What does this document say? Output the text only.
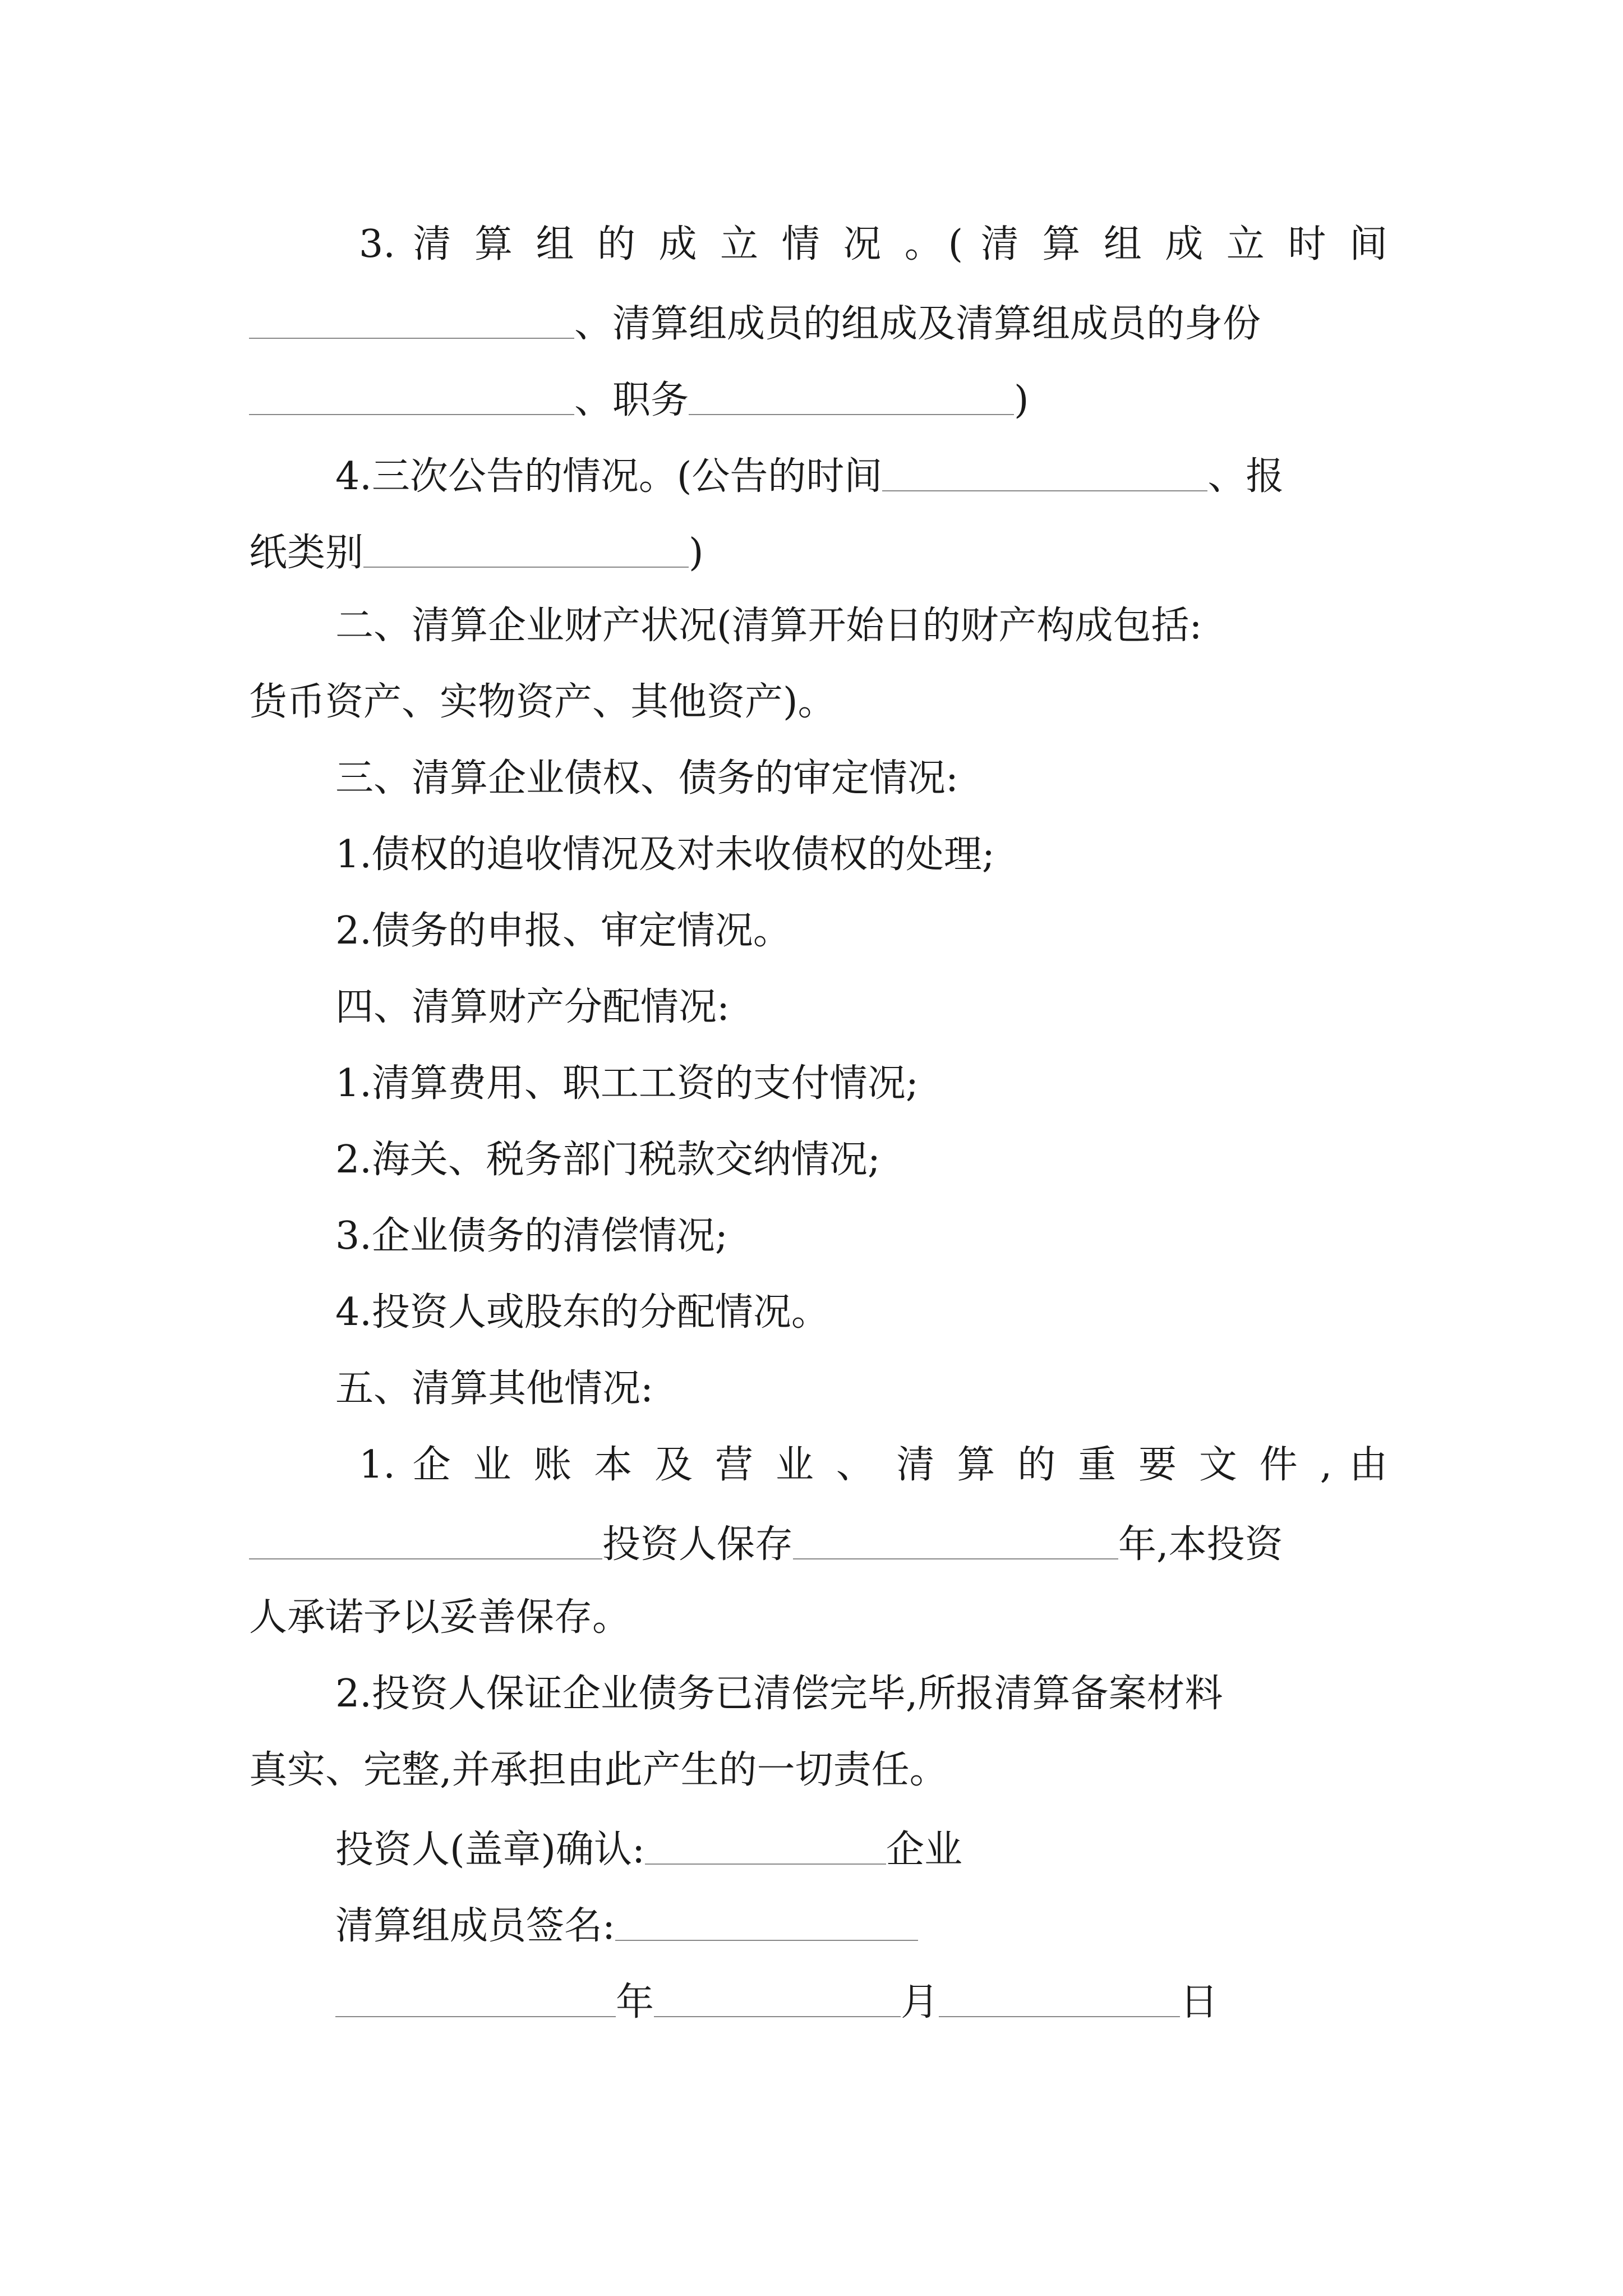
3. 清 算 组 的 成 立 情 况 。( 清 算 组 成 立 时 间
、清算组成员的组成及清算组成员的身份
、职务	)
4.三次公告的情况。(公告的时间	、报
纸类别	)
二、清算企业财产状况(清算开始日的财产构成包括:
货币资产、实物资产、其他资产)。
三、清算企业债权、债务的审定情况:
1.债权的追收情况及对未收债权的处理;
2.债务的申报、审定情况。
四、清算财产分配情况:
1.清算费用、职工工资的支付情况;
2.海关、税务部门税款交纳情况;
3.企业债务的清偿情况;
4.投资人或股东的分配情况。
五、清算其他情况:
1. 企 业 账 本 及 营 业 、 清 算 的 重 要 文 件 , 由
投资人保存	年,本投资
人承诺予以妥善保存。
2.投资人保证企业债务已清偿完毕,所报清算备案材料
真实、完整,并承担由此产生的一切责任。
投资人(盖章)确认:	企业
清算组成员签名:
年	月	日
